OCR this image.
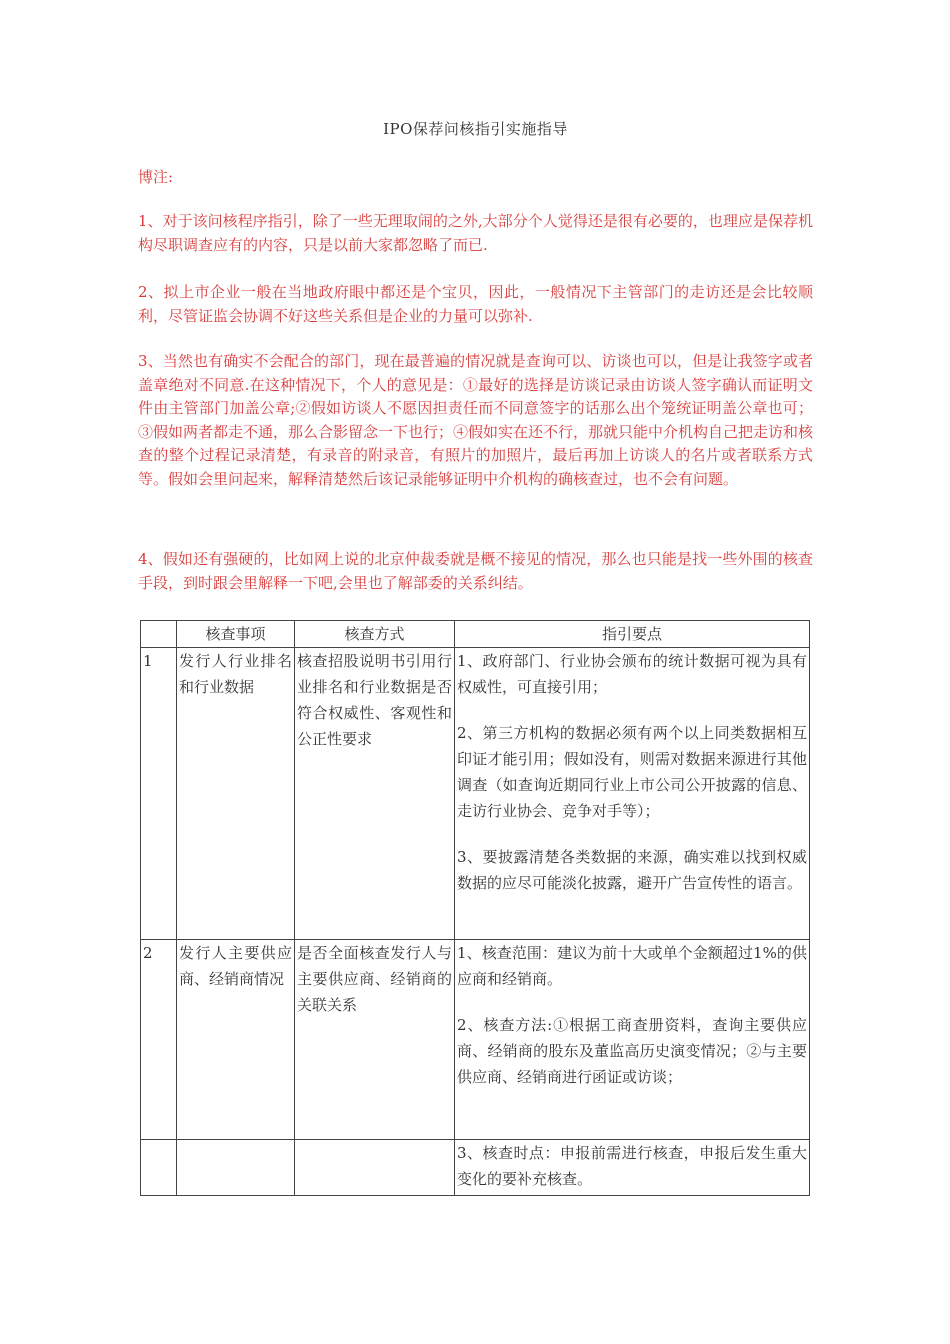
IPO保荐问核指引实施指导
博注:
1、对于该问核程序指引，除了一些无理取闹的之外,大部分个人觉得还是很有必要的，也理应是保荐机构尽职调查应有的内容，只是以前大家都忽略了而已.
2、拟上市企业一般在当地政府眼中都还是个宝贝，因此，一般情况下主管部门的走访还是会比较顺利，尽管证监会协调不好这些关系但是企业的力量可以弥补.
3、当然也有确实不会配合的部门，现在最普遍的情况就是查询可以、访谈也可以，但是让我签字或者盖章绝对不同意.在这种情况下，个人的意见是：①最好的选择是访谈记录由访谈人签字确认而证明文件由主管部门加盖公章;②假如访谈人不愿因担责任而不同意签字的话那么出个笼统证明盖公章也可；③假如两者都走不通，那么合影留念一下也行；④假如实在还不行，那就只能中介机构自己把走访和核查的整个过程记录清楚，有录音的附录音，有照片的加照片，最后再加上访谈人的名片或者联系方式等。假如会里问起来，解释清楚然后该记录能够证明中介机构的确核查过，也不会有问题。
4、假如还有强硬的，比如网上说的北京仲裁委就是概不接见的情况，那么也只能是找一些外围的核查手段，到时跟会里解释一下吧,会里也了解部委的关系纠结。
	核查事项	核查方式	指引要点
1	发行人行业排名和行业数据	核查招股说明书引用行业排名和行业数据是否符合权威性、客观性和公正性要求	1、政府部门、行业协会颁布的统计数据可视为具有权威性，可直接引用；
2、第三方机构的数据必须有两个以上同类数据相互印证才能引用；假如没有，则需对数据来源进行其他调查（如查询近期同行业上市公司公开披露的信息、走访行业协会、竞争对手等）；
3、要披露清楚各类数据的来源，确实难以找到权威数据的应尽可能淡化披露，避开广告宣传性的语言。

2	发行人主要供应商、经销商情况	是否全面核查发行人与主要供应商、经销商的关联关系	1、核查范围：建议为前十大或单个金额超过1%的供应商和经销商。
2、核查方法:①根据工商查册资料，查询主要供应商、经销商的股东及董监高历史演变情况；②与主要供应商、经销商进行函证或访谈；

			3、核查时点：申报前需进行核查，申报后发生重大变化的要补充核查。
